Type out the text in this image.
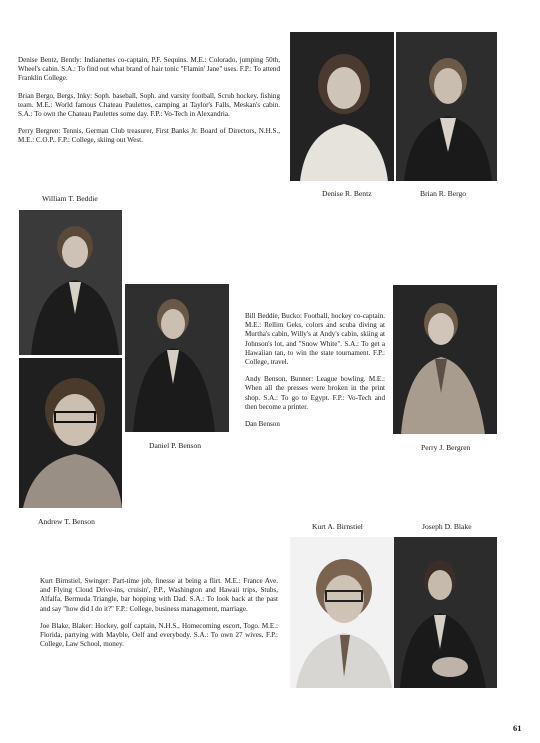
Denise Bentz, Bently: Indianettes co-captain, P.F. Sequins. M.E.: Colorado, jumping 50th, Wheel's cabin. S.A.: To find out what brand of hair tonic "Flamin' Jane" uses. F.P.: To attend Franklin College.

Brian Bergo, Bergs, Inky: Soph. baseball, Soph. and varsity football, Scrub hockey, fishing team. M.E.: World famous Chateau Paulettes, camping at Taylor's Falls, Meskan's cabin. S.A.: To own the Chateau Paulettes some day. F.P.: Vo-Tech in Alexandria.

Perry Bergren: Tennis, German Club treasurer, First Banks Jr. Board of Directors, N.H.S., M.E.: C.O.P.. F.P.: College, skiing out West.

Denise R. Bentz	Brian R. Bergo
William T. Beddie
Daniel P. Benson
Andrew T. Benson

Bill Beddie, Bucko: Football, hockey co-captain. M.E.: Rellim Geks, colors and scuba diving at Murtha's cabin, Willy's at Andy's cabin, skiing at Johnson's lot, and "Snow White". S.A.: To get a Hawaiian tan, to win the state tournament. F.P.: College, travel.

Andy Benson, Bunner: League bowling. M.E.: When all the presses were broken in the print shop. S.A.: To go to Egypt. F.P.: Vo-Tech and then become a printer.

Dan Benson

Perry J. Bergren
Kurt A. Birnstiel	Joseph D. Blake

Kurt Birnstiel, Swinger: Part-time job, finesse at being a flirt. M.E.: France Ave. and Flying Cloud Drive-ins, cruisin', P.P., Washington and Hawaii trips, Stubs, Alfalfa, Bermuda Triangle, bar hopping with Dad. S.A.: To look back at the past and say "how did I do it?" F.P.: College, business management, marriage.

Joe Blake, Blaker: Hockey, golf captain, N.H.S., Homecoming escort, Togo. M.E.: Florida, partying with Mayble, Oelf and everybody. S.A.: To own 27 wives, F.P.: College, Law School, money.

61
